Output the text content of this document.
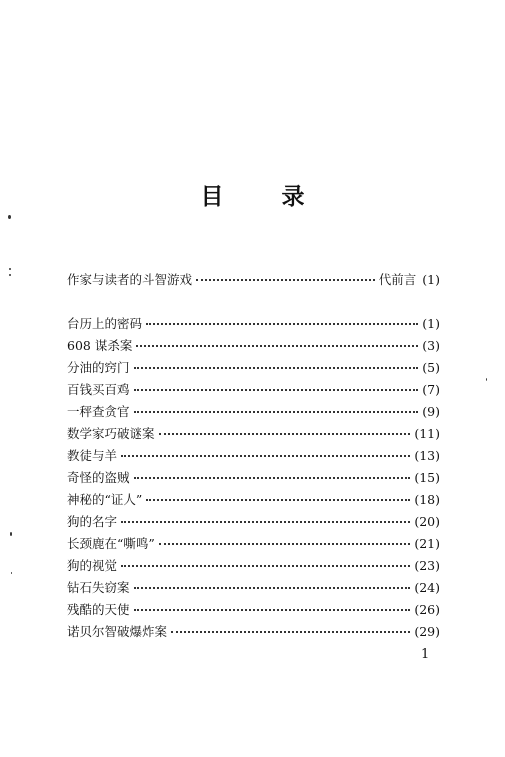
目	录
作家与读者的斗智游戏	代前言 (1)
台历上的密码	(1)
608 谋杀案	(3)
分油的窍门	(5)
百钱买百鸡	(7)
一秤查贪官	(9)
数学家巧破谜案	(11)
教徒与羊	(13)
奇怪的盗贼	(15)
神秘的“证人”	(18)
狗的名字	(20)
长颈鹿在“嘶鸣”	(21)
狗的视觉	(23)
钻石失窃案	(24)
残酷的天使	(26)
诺贝尔智破爆炸案	(29)
1
